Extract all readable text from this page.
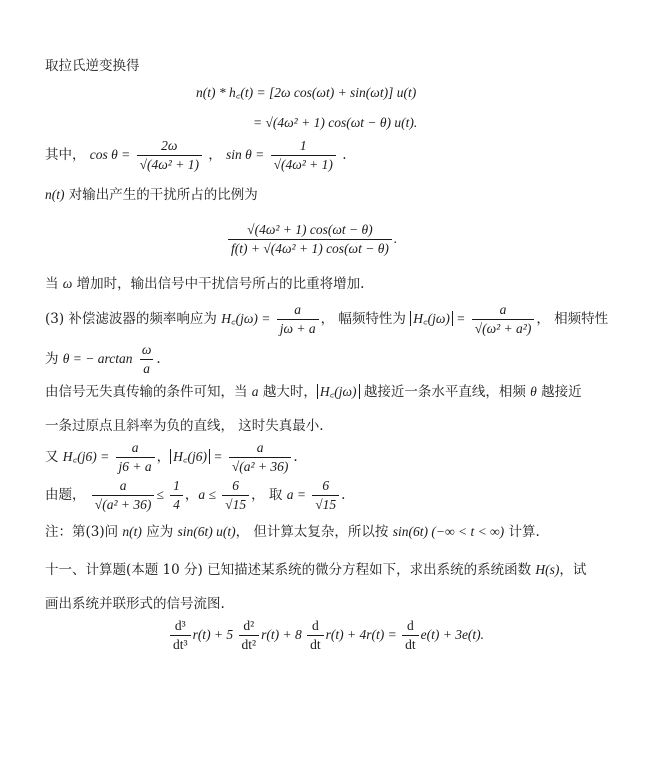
取拉氏逆变换得
n(t) * h꜀(t) = [2ω cos(ωt) + sin(ωt)] u(t)
= √(4ω² + 1) cos(ωt − θ) u(t).
其中， $\cos \theta = \frac{2\omega}{\text{√(4ω² + 1)}}$ ， $\sin \theta = \frac{1}{\text{√(4ω² + 1)}}$ .
n(t) 对输出产生的干扰所占的比例为
$\frac{\text{√(4ω² + 1) cos(ωt − θ)}}{\text{f(t) + √(4ω² + 1) cos(ωt − θ)}}$ .
当 ω 增加时，输出信号中干扰信号所占的比重将增加.
(3) 补偿滤波器的频率响应为 H꜀(jω) = $\frac{a}{j\omega + a}$ ， 幅频特性为 H꜀(jω) = $\frac{a}{\text{√(ω² + a²)}}$ ， 相频特性
为 θ = − $\arctan \frac{\omega}{a}$ .
由信号无失真传输的条件可知，当 a 越大时， H꜀(jω) 越接近一条水平直线，相频 θ 越接近
一条过原点且斜率为负的直线， 这时失真最小.
又 H꜀(j6) = $\frac{a}{j6 + a}$ ， H꜀(j6) = $\frac{a}{\text{√(a² + 36)}}$ .
由题， $\frac{a}{\text{√(a² + 36)}} \le \frac{1}{4}$ ，$a \le \frac{6}{√15}$ ， 取 $a = \frac{6}{√15}$ .
注：第(3)问 n(t) 应为 sin(6t) u(t)， 但计算太复杂，所以按 sin(6t) (−∞ < t < ∞) 计算.
十一、计算题(本题 10 分) 已知描述某系统的微分方程如下，求出系统的系统函数 H(s)，试
画出系统并联形式的信号流图.
$\frac{\text{d³}}{\text{dt³}} r(t) + 5 \frac{\text{d²}}{\text{dt²}} r(t) + 8 \frac{d}{dt} r(t) + 4r(t) = \frac{d}{dt} e(t) + 3e(t)$.
